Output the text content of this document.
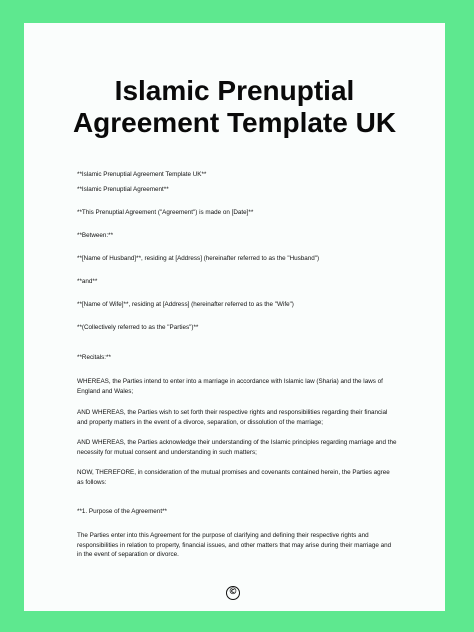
Islamic Prenuptial
Agreement Template UK

**Islamic Prenuptial Agreement Template UK**

**Islamic Prenuptial Agreement**

**This Prenuptial Agreement ("Agreement") is made on [Date]**

**Between:**

**[Name of Husband]**, residing at [Address] (hereinafter referred to as the "Husband")

**and**

**[Name of Wife]**, residing at [Address] (hereinafter referred to as the "Wife")

**(Collectively referred to as the "Parties")**

**Recitals:**

WHEREAS, the Parties intend to enter into a marriage in accordance with Islamic law (Sharia) and the laws of England and Wales;

AND WHEREAS, the Parties wish to set forth their respective rights and responsibilities regarding their financial and property matters in the event of a divorce, separation, or dissolution of the marriage;

AND WHEREAS, the Parties acknowledge their understanding of the Islamic principles regarding marriage and the necessity for mutual consent and understanding in such matters;

NOW, THEREFORE, in consideration of the mutual promises and covenants contained herein, the Parties agree as follows:

**1. Purpose of the Agreement**

The Parties enter into this Agreement for the purpose of clarifying and defining their respective rights and responsibilities in relation to property, financial issues, and other matters that may arise during their marriage and in the event of separation or divorce.

©
